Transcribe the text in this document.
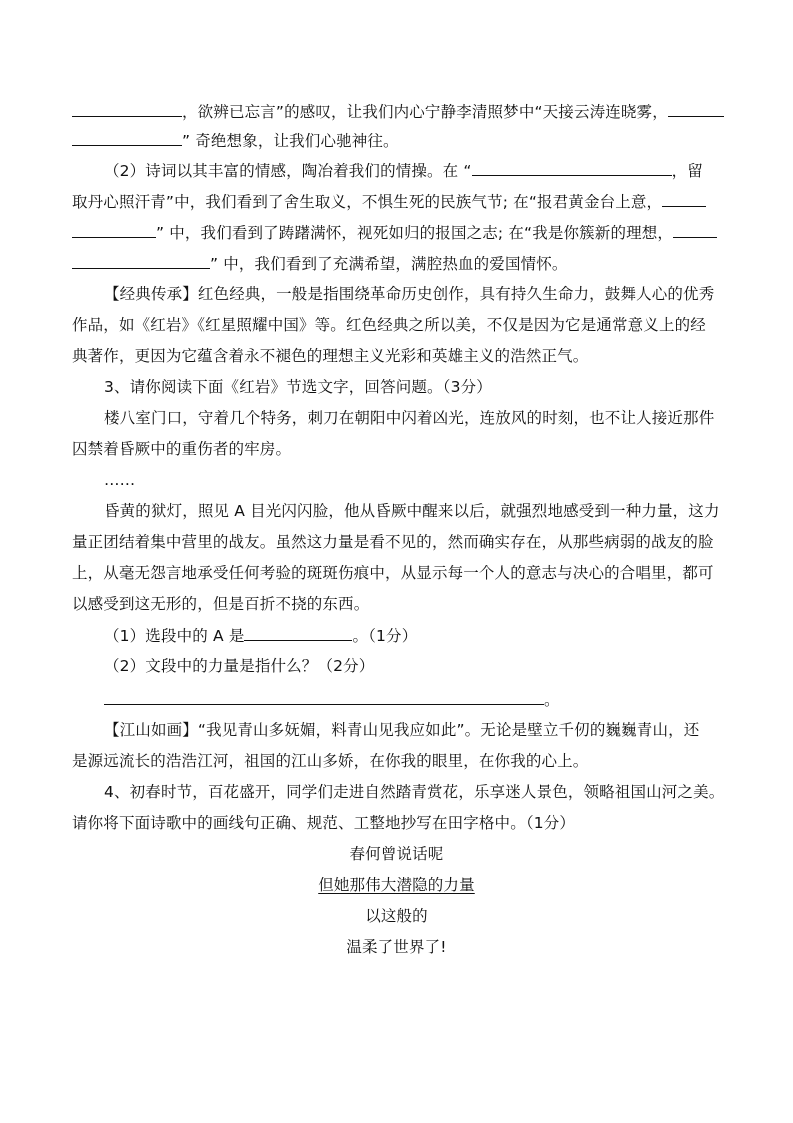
，欲辨已忘言”的感叹，让我们内心宁静李清照梦中“天接云涛连晓雾，
” 奇绝想象，让我们心驰神往。
（2）诗词以其丰富的情感，陶冶着我们的情操。在 “	，留
取丹心照汗青”中，我们看到了舍生取义，不惧生死的民族气节; 在“报君黄金台上意，
” 中，我们看到了踌躇满怀，视死如归的报国之志; 在“我是你簇新的理想，
” 中，我们看到了充满希望，满腔热血的爱国情怀。
【经典传承】红色经典，一般是指围绕革命历史创作，具有持久生命力，鼓舞人心的优秀
作品，如《红岩》《红星照耀中国》等。红色经典之所以美，不仅是因为它是通常意义上的经
典著作，更因为它蕴含着永不褪色的理想主义光彩和英雄主义的浩然正气。
3、请你阅读下面《红岩》节选文字，回答问题。（3分）
楼八室门口，守着几个特务，刺刀在朝阳中闪着凶光，连放风的时刻，也不让人接近那件
囚禁着昏厥中的重伤者的牢房。
……
昏黄的狱灯，照见 A 目光闪闪脸，他从昏厥中醒来以后，就强烈地感受到一种力量，这力
量正团结着集中营里的战友。虽然这力量是看不见的，然而确实存在，从那些病弱的战友的脸
上，从毫无怨言地承受任何考验的斑斑伤痕中，从显示每一个人的意志与决心的合唱里，都可
以感受到这无形的，但是百折不挠的东西。
（1）选段中的 A 是	。（1分）
（2）文段中的力量是指什么？（2分）
。
【江山如画】“我见青山多妩媚，料青山见我应如此”。无论是壁立千仞的巍巍青山，还
是源远流长的浩浩江河，祖国的江山多娇，在你我的眼里，在你我的心上。
4、初春时节，百花盛开，同学们走进自然踏青赏花，乐享迷人景色，领略祖国山河之美。
请你将下面诗歌中的画线句正确、规范、工整地抄写在田字格中。（1分）
春何曾说话呢
但她那伟大潜隐的力量
以这般的
温柔了世界了!
